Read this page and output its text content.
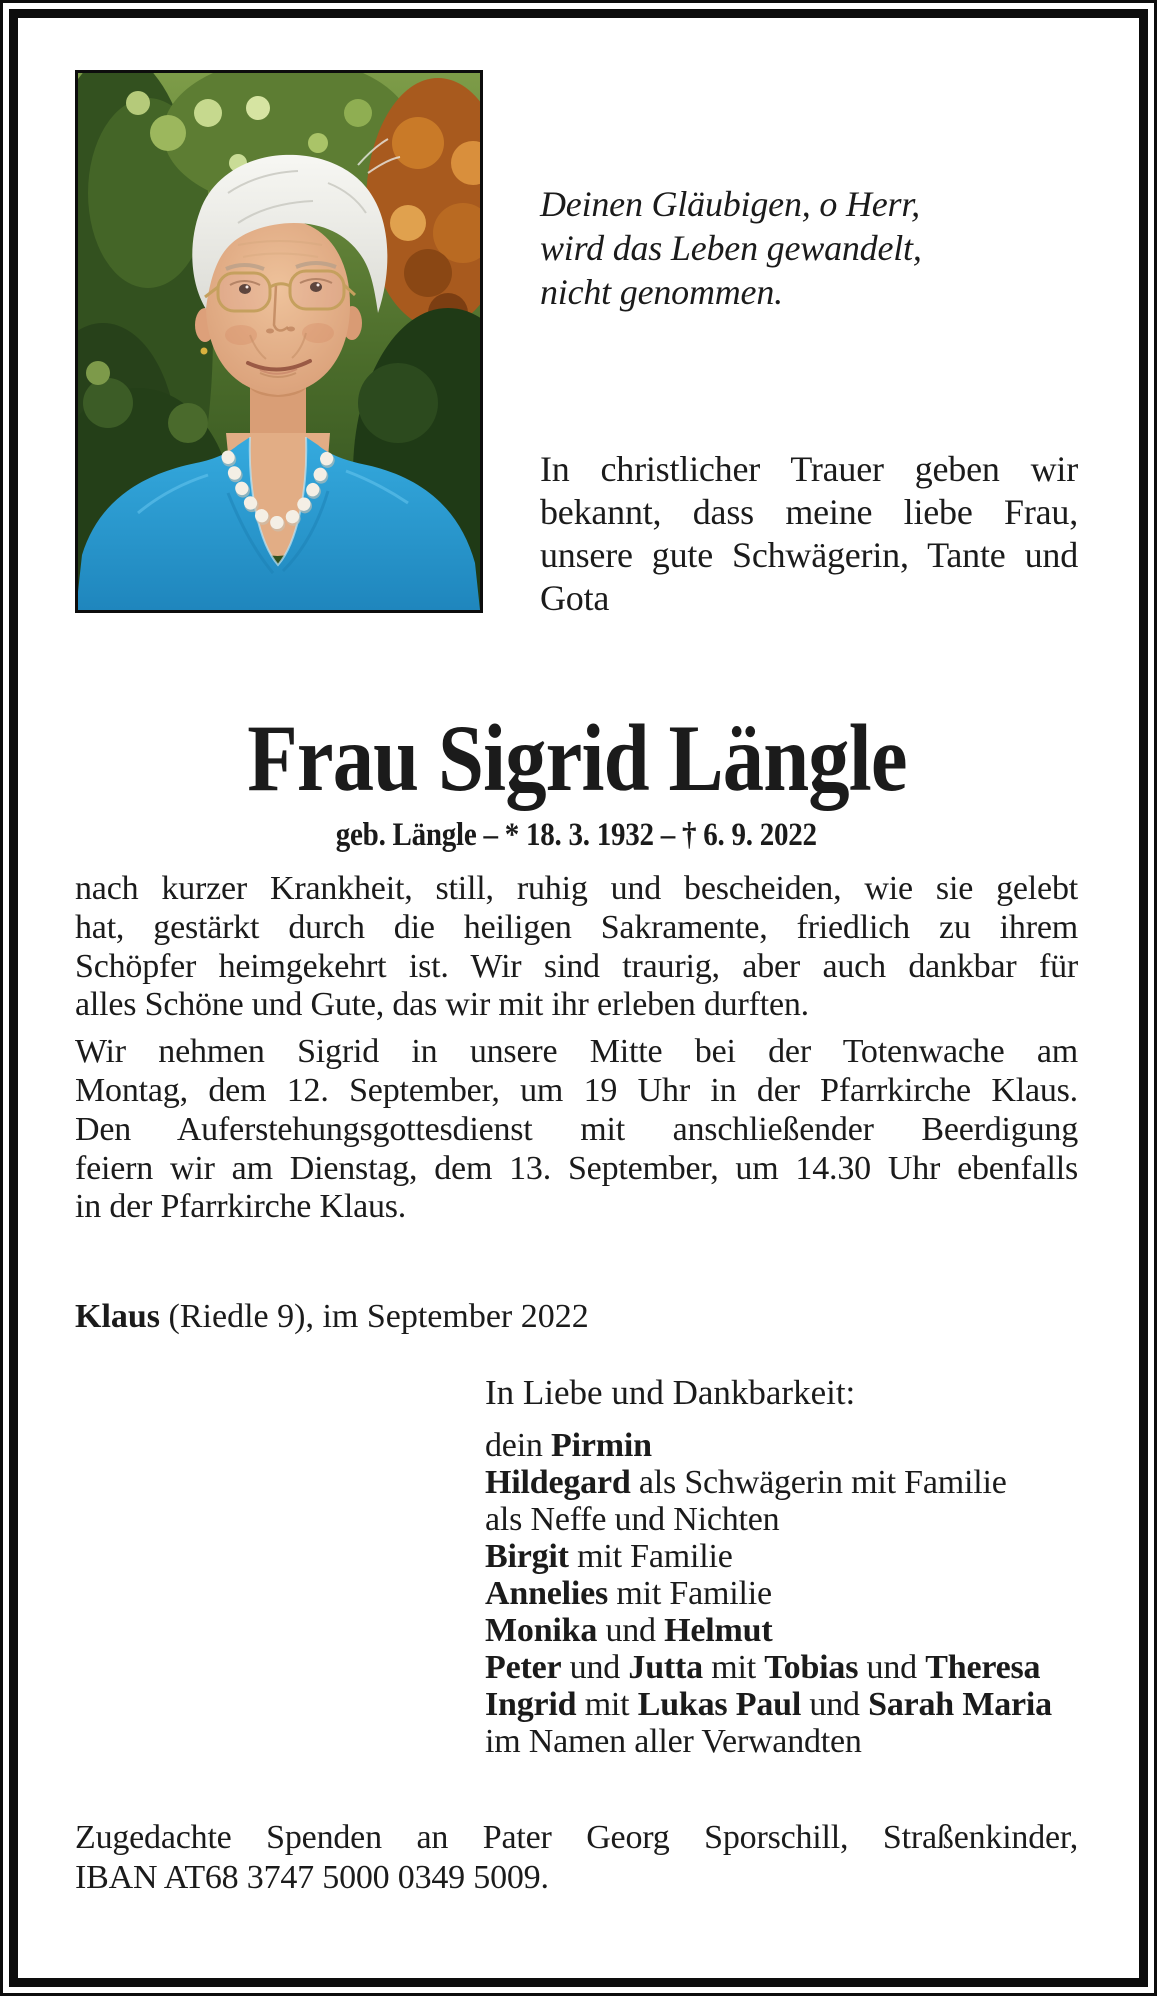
Deinen Gläubigen, o Herr,
wird das Leben gewandelt,
nicht genommen.
In christlicher Trauer geben wir
bekannt, dass meine liebe Frau,
unsere gute Schwägerin, Tante und
Gota
Frau Sigrid Längle
geb. Längle – * 18. 3. 1932 – † 6. 9. 2022
nach kurzer Krankheit, still, ruhig und bescheiden, wie sie gelebt
hat, gestärkt durch die heiligen Sakramente, friedlich zu ihrem
Schöpfer heimgekehrt ist. Wir sind traurig, aber auch dankbar für
alles Schöne und Gute, das wir mit ihr erleben durften.
Wir nehmen Sigrid in unsere Mitte bei der Totenwache am
Montag, dem 12. September, um 19 Uhr in der Pfarrkirche Klaus.
Den Auferstehungsgottesdienst mit anschließender Beerdigung
feiern wir am Dienstag, dem 13. September, um 14.30 Uhr ebenfalls
in der Pfarrkirche Klaus.
Klaus (Riedle 9), im September 2022
In Liebe und Dankbarkeit:
dein Pirmin
Hildegard als Schwägerin mit Familie
als Neffe und Nichten
Birgit mit Familie
Annelies mit Familie
Monika und Helmut
Peter und Jutta mit Tobias und Theresa
Ingrid mit Lukas Paul und Sarah Maria
im Namen aller Verwandten
Zugedachte Spenden an Pater Georg Sporschill, Straßenkinder,
IBAN AT68 3747 5000 0349 5009.
